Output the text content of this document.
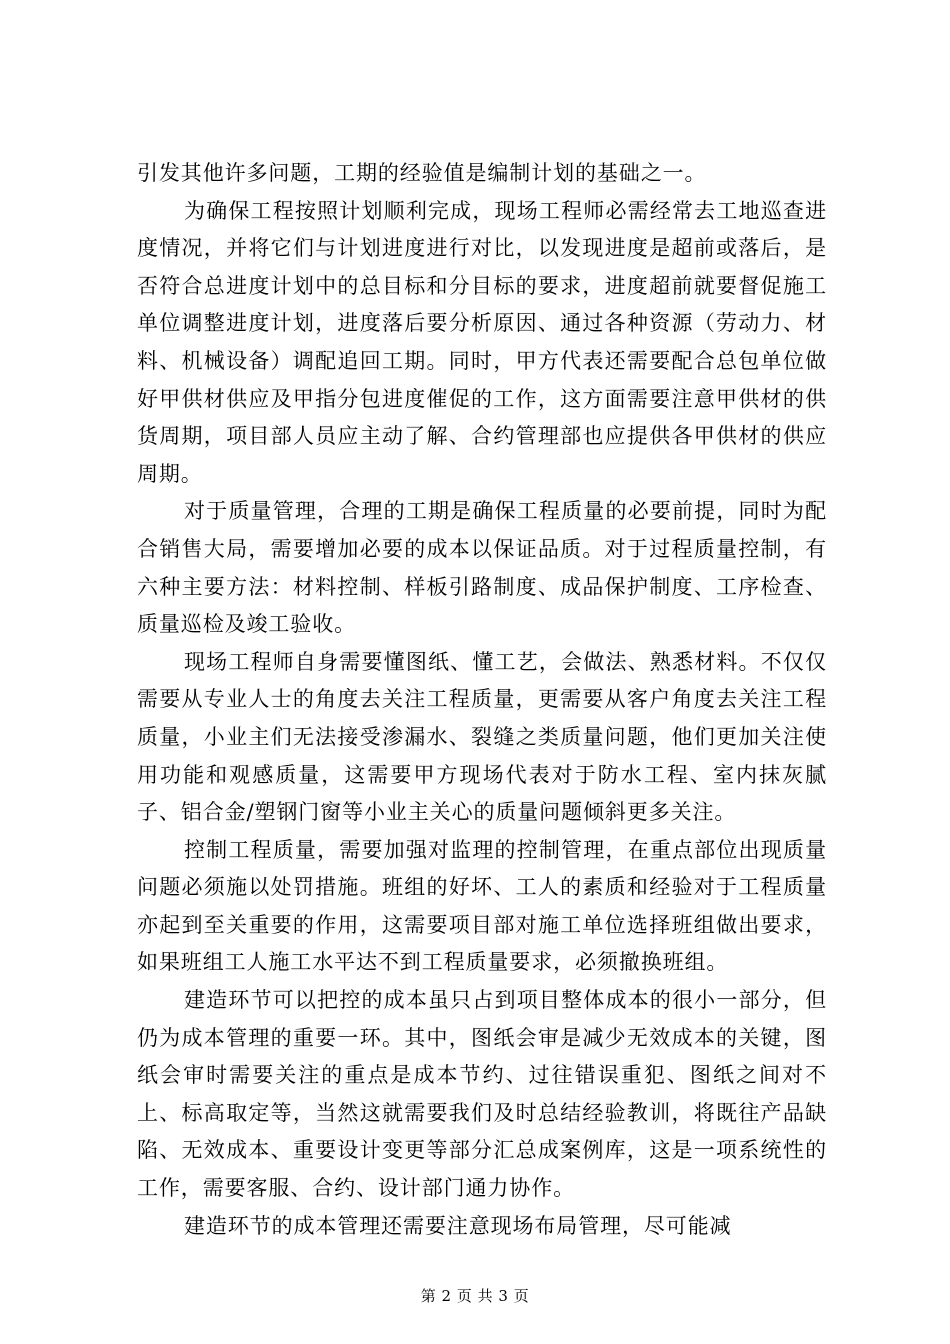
引发其他许多问题，工期的经验值是编制计划的基础之一。

为确保工程按照计划顺利完成，现场工程师必需经常去工地巡查进度情况，并将它们与计划进度进行对比，以发现进度是超前或落后，是否符合总进度计划中的总目标和分目标的要求，进度超前就要督促施工单位调整进度计划，进度落后要分析原因、通过各种资源（劳动力、材料、机械设备）调配追回工期。同时，甲方代表还需要配合总包单位做好甲供材供应及甲指分包进度催促的工作，这方面需要注意甲供材的供货周期，项目部人员应主动了解、合约管理部也应提供各甲供材的供应周期。

对于质量管理，合理的工期是确保工程质量的必要前提，同时为配合销售大局，需要增加必要的成本以保证品质。对于过程质量控制，有六种主要方法：材料控制、样板引路制度、成品保护制度、工序检查、质量巡检及竣工验收。

现场工程师自身需要懂图纸、懂工艺，会做法、熟悉材料。不仅仅需要从专业人士的角度去关注工程质量，更需要从客户角度去关注工程质量，小业主们无法接受渗漏水、裂缝之类质量问题，他们更加关注使用功能和观感质量，这需要甲方现场代表对于防水工程、室内抹灰腻子、铝合金/塑钢门窗等小业主关心的质量问题倾斜更多关注。

控制工程质量，需要加强对监理的控制管理，在重点部位出现质量问题必须施以处罚措施。班组的好坏、工人的素质和经验对于工程质量亦起到至关重要的作用，这需要项目部对施工单位选择班组做出要求，如果班组工人施工水平达不到工程质量要求，必须撤换班组。

建造环节可以把控的成本虽只占到项目整体成本的很小一部分，但仍为成本管理的重要一环。其中，图纸会审是减少无效成本的关键，图纸会审时需要关注的重点是成本节约、过往错误重犯、图纸之间对不上、标高取定等，当然这就需要我们及时总结经验教训，将既往产品缺陷、无效成本、重要设计变更等部分汇总成案例库，这是一项系统性的工作，需要客服、合约、设计部门通力协作。

建造环节的成本管理还需要注意现场布局管理，尽可能减

第 2 页 共 3 页
